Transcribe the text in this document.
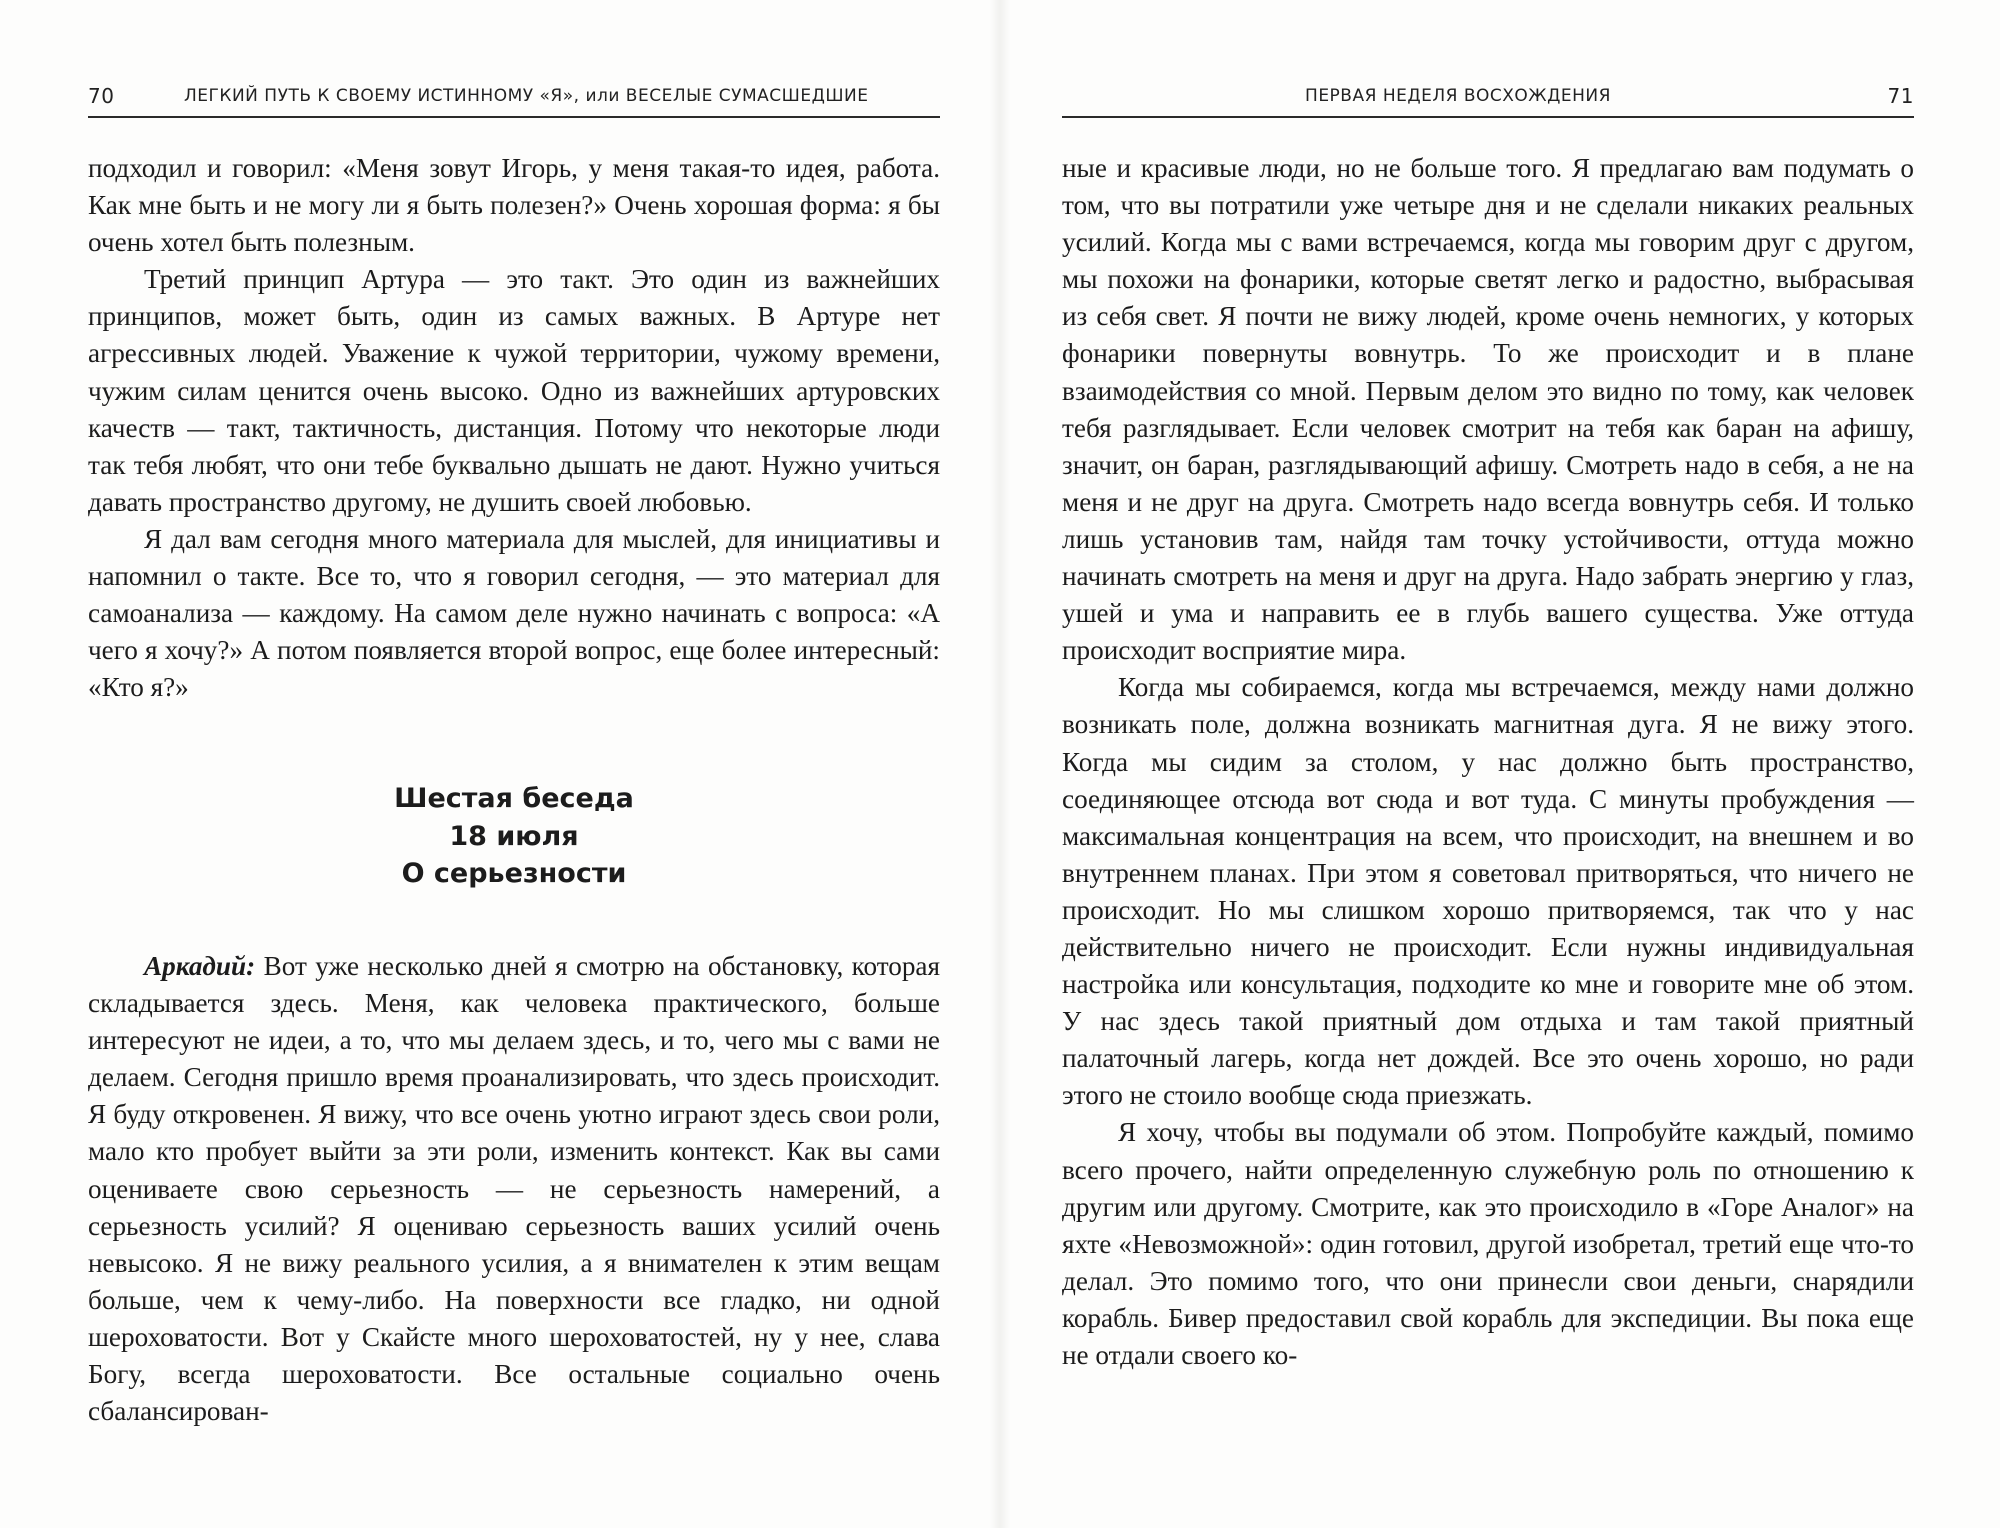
70	ЛЕГКИЙ ПУТЬ К СВОЕМУ ИСТИННОМУ «Я», или ВЕСЕЛЫЕ СУМАСШЕДШИЕ

подходил и говорил: «Меня зовут Игорь, у меня такая-то идея, работа. Как мне быть и не могу ли я быть полезен?» Очень хорошая форма: я бы очень хотел быть полезным.

Третий принцип Артура — это такт. Это один из важнейших принципов, может быть, один из самых важных. В Артуре нет агрессивных людей. Уважение к чужой территории, чужому времени, чужим силам ценится очень высоко. Одно из важнейших артуровских качеств — такт, тактичность, дистанция. Потому что некоторые люди так тебя любят, что они тебе буквально дышать не дают. Нужно учиться давать пространство другому, не душить своей любовью.

Я дал вам сегодня много материала для мыслей, для инициативы и напомнил о такте. Все то, что я говорил сегодня, — это материал для самоанализа — каждому. На самом деле нужно начинать с вопроса: «А чего я хочу?» А потом появляется второй вопрос, еще более интересный: «Кто я?»

Шестая беседа
18 июля
О серьезности

Аркадий: Вот уже несколько дней я смотрю на обстановку, которая складывается здесь. Меня, как человека практического, больше интересуют не идеи, а то, что мы делаем здесь, и то, чего мы с вами не делаем. Сегодня пришло время проанализировать, что здесь происходит. Я буду откровенен. Я вижу, что все очень уютно играют здесь свои роли, мало кто пробует выйти за эти роли, изменить контекст. Как вы сами оцениваете свою серьезность — не серьезность намерений, а серьезность усилий? Я оцениваю серьезность ваших усилий очень невысоко. Я не вижу реального усилия, а я внимателен к этим вещам больше, чем к чему-либо. На поверхности все гладко, ни одной шероховатости. Вот у Скайсте много шероховатостей, ну у нее, слава Богу, всегда шероховатости. Все остальные социально очень сбалансирован-

ПЕРВАЯ НЕДЕЛЯ ВОСХОЖДЕНИЯ	71

ные и красивые люди, но не больше того. Я предлагаю вам подумать о том, что вы потратили уже четыре дня и не сделали никаких реальных усилий. Когда мы с вами встречаемся, когда мы говорим друг с другом, мы похожи на фонарики, которые светят легко и радостно, выбрасывая из себя свет. Я почти не вижу людей, кроме очень немногих, у которых фонарики повернуты вовнутрь. То же происходит и в плане взаимодействия со мной. Первым делом это видно по тому, как человек тебя разглядывает. Если человек смотрит на тебя как баран на афишу, значит, он баран, разглядывающий афишу. Смотреть надо в себя, а не на меня и не друг на друга. Смотреть надо всегда вовнутрь себя. И только лишь установив там, найдя там точку устойчивости, оттуда можно начинать смотреть на меня и друг на друга. Надо забрать энергию у глаз, ушей и ума и направить ее в глубь вашего существа. Уже оттуда происходит восприятие мира.

Когда мы собираемся, когда мы встречаемся, между нами должно возникать поле, должна возникать магнитная дуга. Я не вижу этого. Когда мы сидим за столом, у нас должно быть пространство, соединяющее отсюда вот сюда и вот туда. С минуты пробуждения — максимальная концентрация на всем, что происходит, на внешнем и во внутреннем планах. При этом я советовал притворяться, что ничего не происходит. Но мы слишком хорошо притворяемся, так что у нас действительно ничего не происходит. Если нужны индивидуальная настройка или консультация, подходите ко мне и говорите мне об этом. У нас здесь такой приятный дом отдыха и там такой приятный палаточный лагерь, когда нет дождей. Все это очень хорошо, но ради этого не стоило вообще сюда приезжать.

Я хочу, чтобы вы подумали об этом. Попробуйте каждый, помимо всего прочего, найти определенную служебную роль по отношению к другим или другому. Смотрите, как это происходило в «Горе Аналог» на яхте «Невозможной»: один готовил, другой изобретал, третий еще что-то делал. Это помимо того, что они принесли свои деньги, снарядили корабль. Бивер предоставил свой корабль для экспедиции. Вы пока еще не отдали своего ко-
